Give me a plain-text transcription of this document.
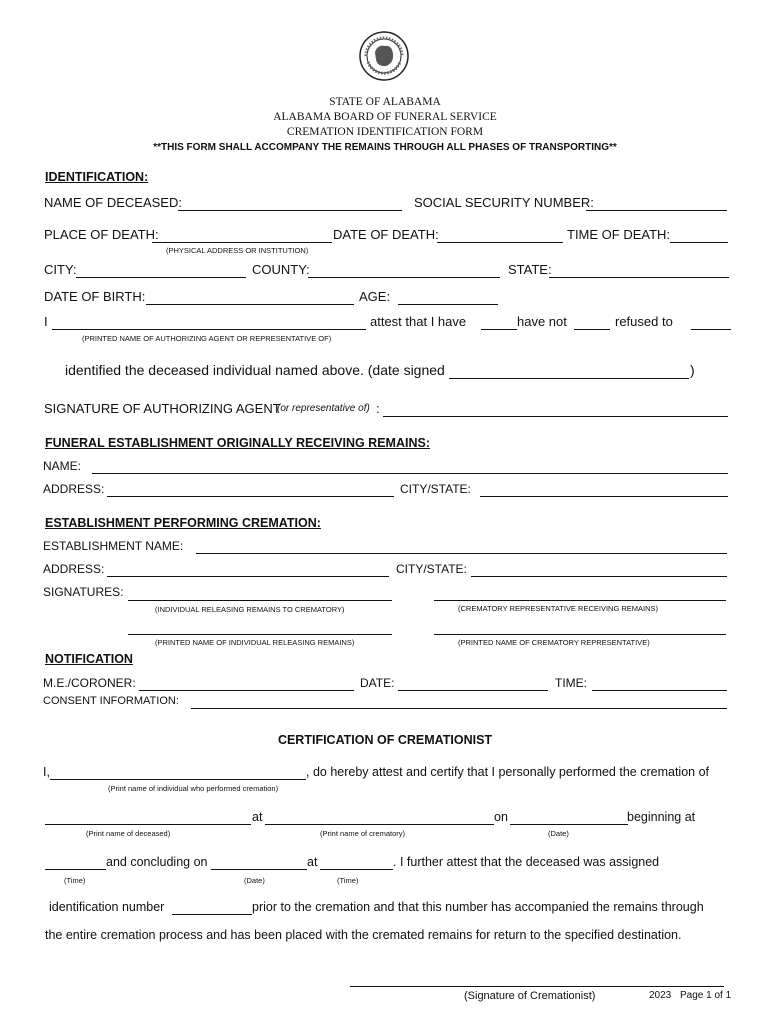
STATE OF ALABAMA
ALABAMA BOARD OF FUNERAL SERVICE
CREMATION IDENTIFICATION FORM
**THIS FORM SHALL ACCOMPANY THE REMAINS THROUGH ALL PHASES OF TRANSPORTING**
IDENTIFICATION:
NAME OF DECEASED:	SOCIAL SECURITY NUMBER:
PLACE OF DEATH:	DATE OF DEATH:	TIME OF DEATH:
(PHYSICAL ADDRESS OR INSTITUTION)
CITY:	COUNTY:	STATE:
DATE OF BIRTH:	AGE:
I	attest that I have	have not	refused to
(PRINTED NAME OF AUTHORIZING AGENT OR REPRESENTATIVE OF)
identified the deceased individual named above. (date signed	)
SIGNATURE OF AUTHORIZING AGENT
(or representative of) :
FUNERAL ESTABLISHMENT ORIGINALLY RECEIVING REMAINS:
NAME:
ADDRESS:	CITY/STATE:
ESTABLISHMENT PERFORMING CREMATION:
ESTABLISHMENT NAME:
ADDRESS:	CITY/STATE:
SIGNATURES:
(INDIVIDUAL RELEASING REMAINS TO CREMATORY)	(CREMATORY REPRESENTATIVE RECEIVING REMAINS)
(PRINTED NAME OF INDIVIDUAL RELEASING REMAINS)	(PRINTED NAME OF CREMATORY REPRESENTATIVE)
NOTIFICATION
M.E./CORONER:	DATE:	TIME:
CONSENT INFORMATION:
CERTIFICATION OF CREMATIONIST
I,	, do hereby attest and certify that I personally performed the cremation of
(Print name of individual who performed cremation)
at	on	beginning at
(Print name of deceased)	(Print name of crematory)	(Date)
and concluding on	at	. I further attest that the deceased was assigned
(Time)	(Date)	(Time)
identification number	prior to the cremation and that this number has accompanied the remains through
the entire cremation process and has been placed with the cremated remains for return to the specified destination.
(Signature of Cremationist)	2023 Page 1 of 1
